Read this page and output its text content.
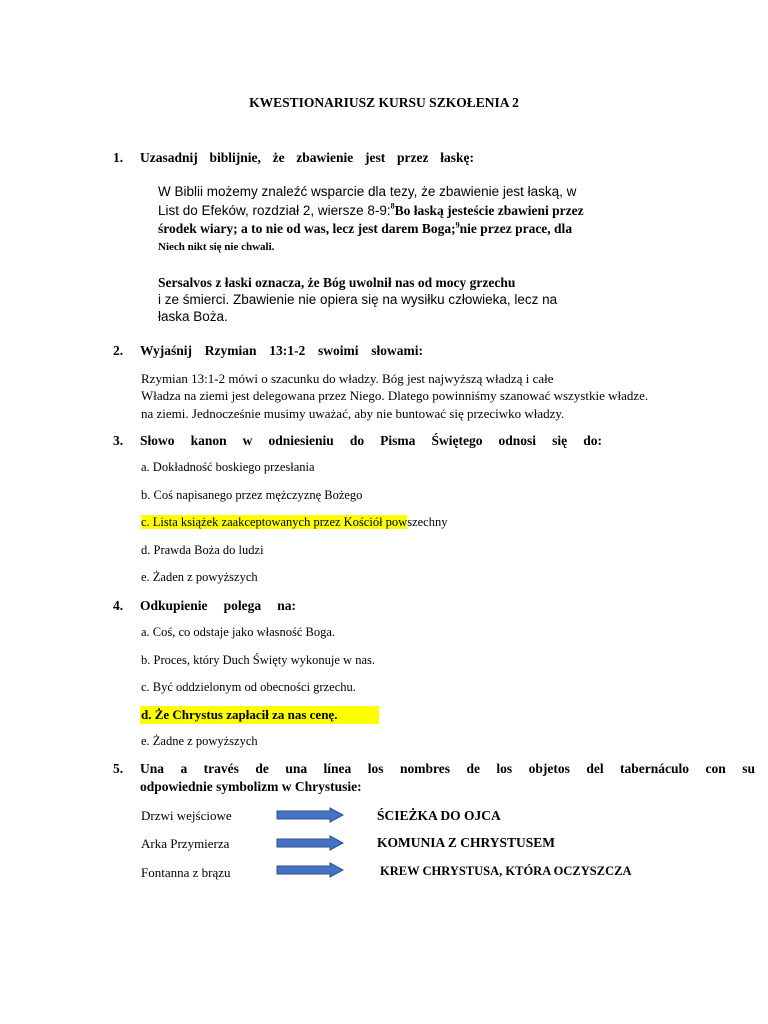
KWESTIONARIUSZ KURSU SZKOŁENIA 2
1. Uzasadnij biblijnie, że zbawienie jest przez łaskę:
W Biblii możemy znaleźć wsparcie dla tezy, że zbawienie jest łaską, w
List do Efeków, rozdział 2, wiersze 8-9:$^8$Bo łaską jesteście zbawieni przez
środek wiary; a to nie od was, lecz jest darem Boga;$^9$nie przez prace, dla
Niech nikt się nie chwali.
Sersalvos z łaski oznacza, że Bóg uwolnił nas od mocy grzechu
i ze śmierci. Zbawienie nie opiera się na wysiłku człowieka, lecz na
łaska Boża.
2. Wyjaśnij Rzymian 13:1-2 swoimi słowami:
Rzymian 13:1-2 mówi o szacunku do władzy. Bóg jest najwyższą władzą i całe
Władza na ziemi jest delegowana przez Niego. Dlatego powinniśmy szanować wszystkie władze.
na ziemi. Jednocześnie musimy uważać, aby nie buntować się przeciwko władzy.
3. Słowo kanon w odniesieniu do Pisma Świętego odnosi się do:
a. Dokładność boskiego przesłania
b. Coś napisanego przez mężczyznę Bożego
c. Lista książek zaakceptowanych przez Kościół powszechny
d. Prawda Boża do ludzi
e. Żaden z powyższych
4. Odkupienie polega na:
a. Coś, co odstaje jako własność Boga.
b. Proces, który Duch Święty wykonuje w nas.
c. Być oddzielonym od obecności grzechu.
d. Że Chrystus zapłacił za nas cenę.
e. Żadne z powyższych
5. Una a través de una línea los nombres de los objetos del tabernáculo con su
odpowiednie symbolizm w Chrystusie:
Drzwi wejściowe	ŚCIEŻKA DO OJCA
Arka Przymierza	KOMUNIA Z CHRYSTUSEM
Fontanna z brązu	KREW CHRYSTUSA, KTÓRA OCZYSZCZA
